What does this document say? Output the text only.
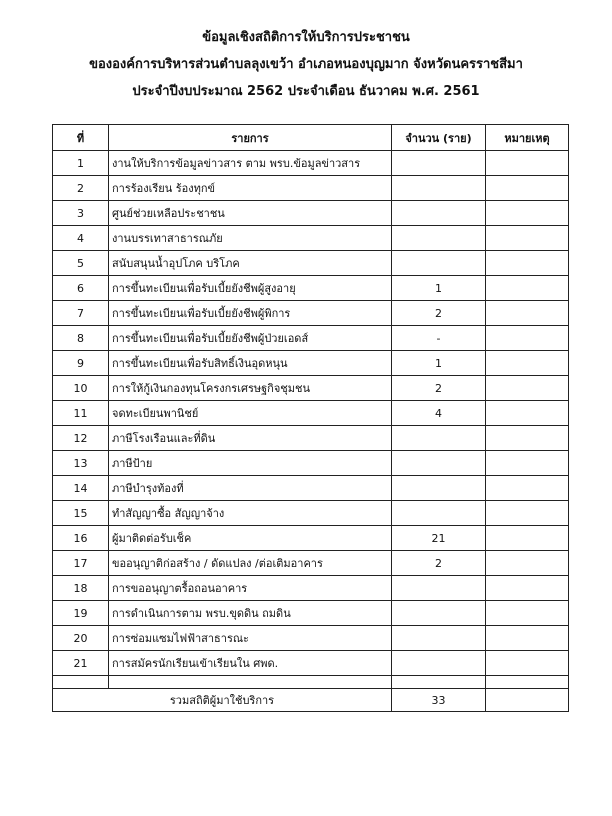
ข้อมูลเชิงสถิติการให้บริการประชาชน
ขององค์การบริหารส่วนตำบลลุงเขว้า อำเภอหนองบุญมาก จังหวัดนครราชสีมา
ประจำปีงบประมาณ 2562 ประจำเดือน ธันวาคม พ.ศ. 2561
ที่	รายการ	จำนวน (ราย)	หมายเหตุ
1	งานให้บริการข้อมูลข่าวสาร ตาม พรบ.ข้อมูลข่าวสาร		
2	การร้องเรียน ร้องทุกข์		
3	ศูนย์ช่วยเหลือประชาชน		
4	งานบรรเทาสาธารณภัย		
5	สนับสนุนน้ำอุปโภค บริโภค		
6	การขึ้นทะเบียนเพื่อรับเบี้ยยังชีพผู้สูงอายุ	1	
7	การขึ้นทะเบียนเพื่อรับเบี้ยยังชีพผู้พิการ	2	
8	การขึ้นทะเบียนเพื่อรับเบี้ยยังชีพผู้ป่วยเอดส์	-	
9	การขึ้นทะเบียนเพื่อรับสิทธิ์เงินอุดหนุน	1	
10	การให้กู้เงินกองทุนโครงกรเศรษฐกิจชุมชน	2	
11	จดทะเบียนพานิชย์	4	
12	ภาษีโรงเรือนและที่ดิน		
13	ภาษีป้าย		
14	ภาษีบำรุงท้องที่		
15	ทำสัญญาซื้อ สัญญาจ้าง		
16	ผู้มาติดต่อรับเช็ค	21	
17	ขออนุญาติก่อสร้าง / ดัดแปลง /ต่อเติมอาคาร	2	
18	การขออนุญาตรื้อถอนอาคาร		
19	การดำเนินการตาม พรบ.ขุดดิน ถมดิน		
20	การซ่อมแซมไฟฟ้าสาธารณะ		
21	การสมัครนักเรียนเข้าเรียนใน ศพด.		

รวมสถิติผู้มาใช้บริการ		33	
